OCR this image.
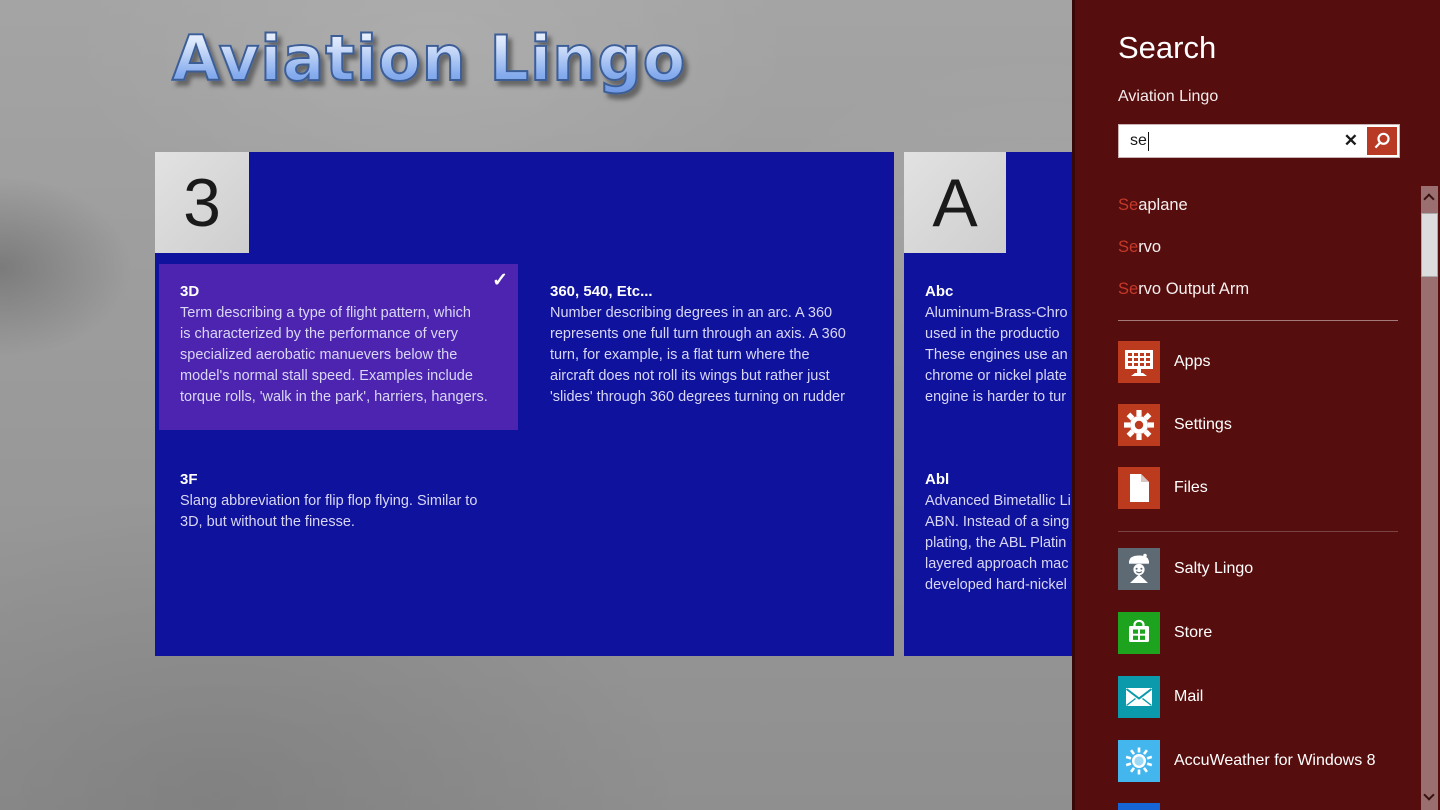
Aviation Lingo
3
✓
3D
Term describing a type of flight pattern, which
is characterized by the performance of very
specialized aerobatic manuevers below the
model's normal stall speed. Examples include
torque rolls, 'walk in the park', harriers, hangers.
360, 540, Etc...
Number describing degrees in an arc. A 360
represents one full turn through an axis. A 360
turn, for example, is a flat turn where the
aircraft does not roll its wings but rather just
'slides' through 360 degrees turning on rudder
3F
Slang abbreviation for flip flop flying. Similar to
3D, but without the finesse.
A
Abc
Aluminum-Brass-Chro
used in the productio
These engines use an
chrome or nickel plate
engine is harder to tur
Abl
Advanced Bimetallic Li
ABN. Instead of a sing
plating, the ABL Platin
layered approach mac
developed hard-nickel
Search
Aviation Lingo
se	✕
Seaplane
Servo
Servo Output Arm
Apps
Settings
Files
Salty Lingo
Store
Mail
AccuWeather for Windows 8
